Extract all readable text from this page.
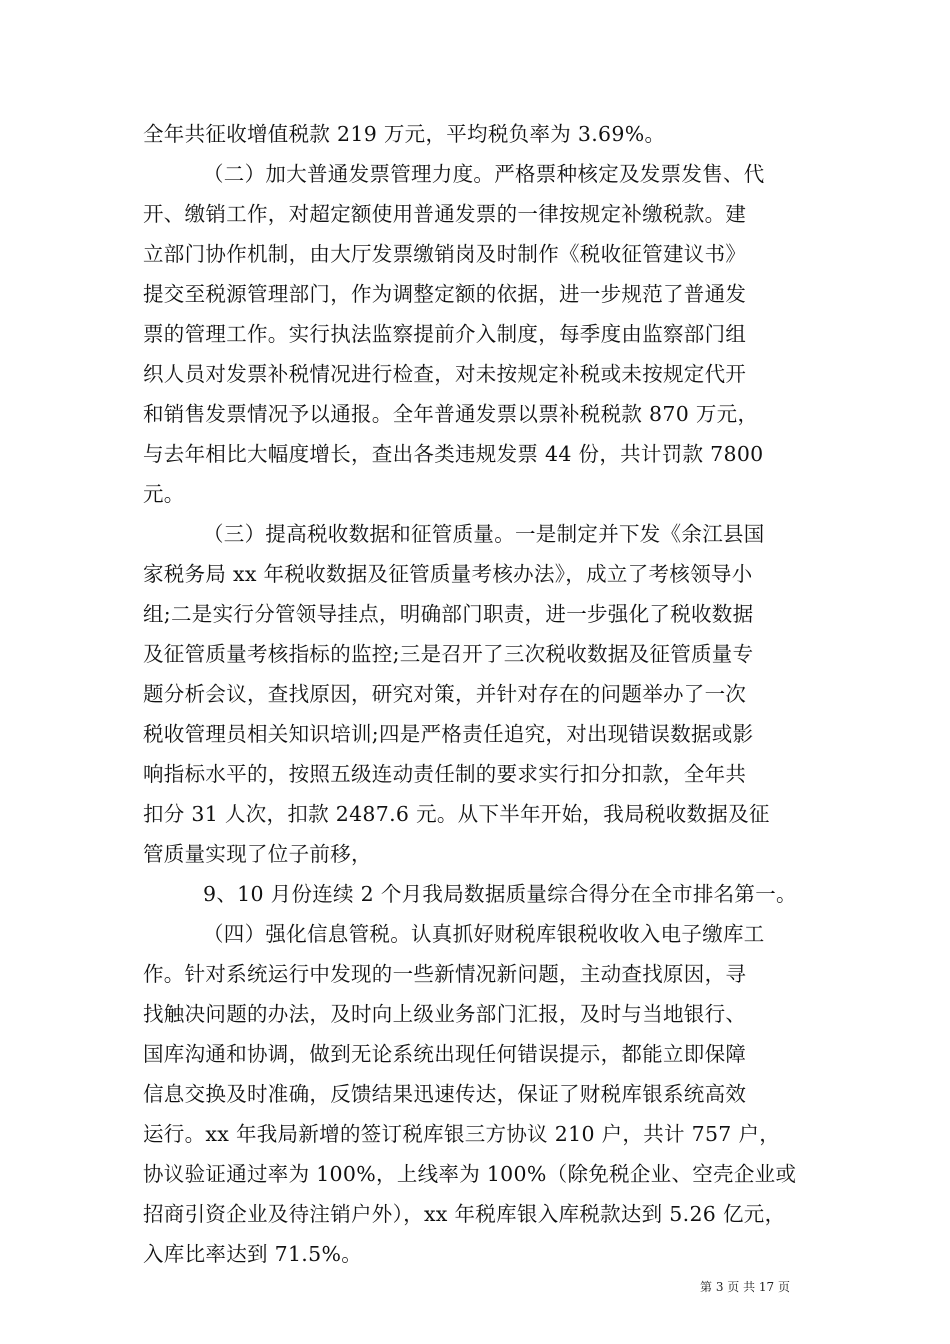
全年共征收增值税款 219 万元，平均税负率为 3.69%。
（二）加大普通发票管理力度。严格票种核定及发票发售、代
开、缴销工作，对超定额使用普通发票的一律按规定补缴税款。建
立部门协作机制，由大厅发票缴销岗及时制作《税收征管建议书》
提交至税源管理部门，作为调整定额的依据，进一步规范了普通发
票的管理工作。实行执法监察提前介入制度，每季度由监察部门组
织人员对发票补税情况进行检查，对未按规定补税或未按规定代开
和销售发票情况予以通报。全年普通发票以票补税税款 870 万元，
与去年相比大幅度增长，查出各类违规发票 44 份，共计罚款 7800
元。
（三）提高税收数据和征管质量。一是制定并下发《余江县国
家税务局 xx 年税收数据及征管质量考核办法》，成立了考核领导小
组;二是实行分管领导挂点，明确部门职责，进一步强化了税收数据
及征管质量考核指标的监控;三是召开了三次税收数据及征管质量专
题分析会议，查找原因，研究对策，并针对存在的问题举办了一次
税收管理员相关知识培训;四是严格责任追究，对出现错误数据或影
响指标水平的，按照五级连动责任制的要求实行扣分扣款，全年共
扣分 31 人次，扣款 2487.6 元。从下半年开始，我局税收数据及征
管质量实现了位子前移，
9、10 月份连续 2 个月我局数据质量综合得分在全市排名第一。
（四）强化信息管税。认真抓好财税库银税收收入电子缴库工
作。针对系统运行中发现的一些新情况新问题，主动查找原因，寻
找触决问题的办法，及时向上级业务部门汇报，及时与当地银行、
国库沟通和协调，做到无论系统出现任何错误提示，都能立即保障
信息交换及时准确，反馈结果迅速传达，保证了财税库银系统高效
运行。xx 年我局新增的签订税库银三方协议 210 户，共计 757 户，
协议验证通过率为 100%，上线率为 100%（除免税企业、空壳企业或
招商引资企业及待注销户外），xx 年税库银入库税款达到 5.26 亿元，
入库比率达到 71.5%。
第 3 页 共 17 页
